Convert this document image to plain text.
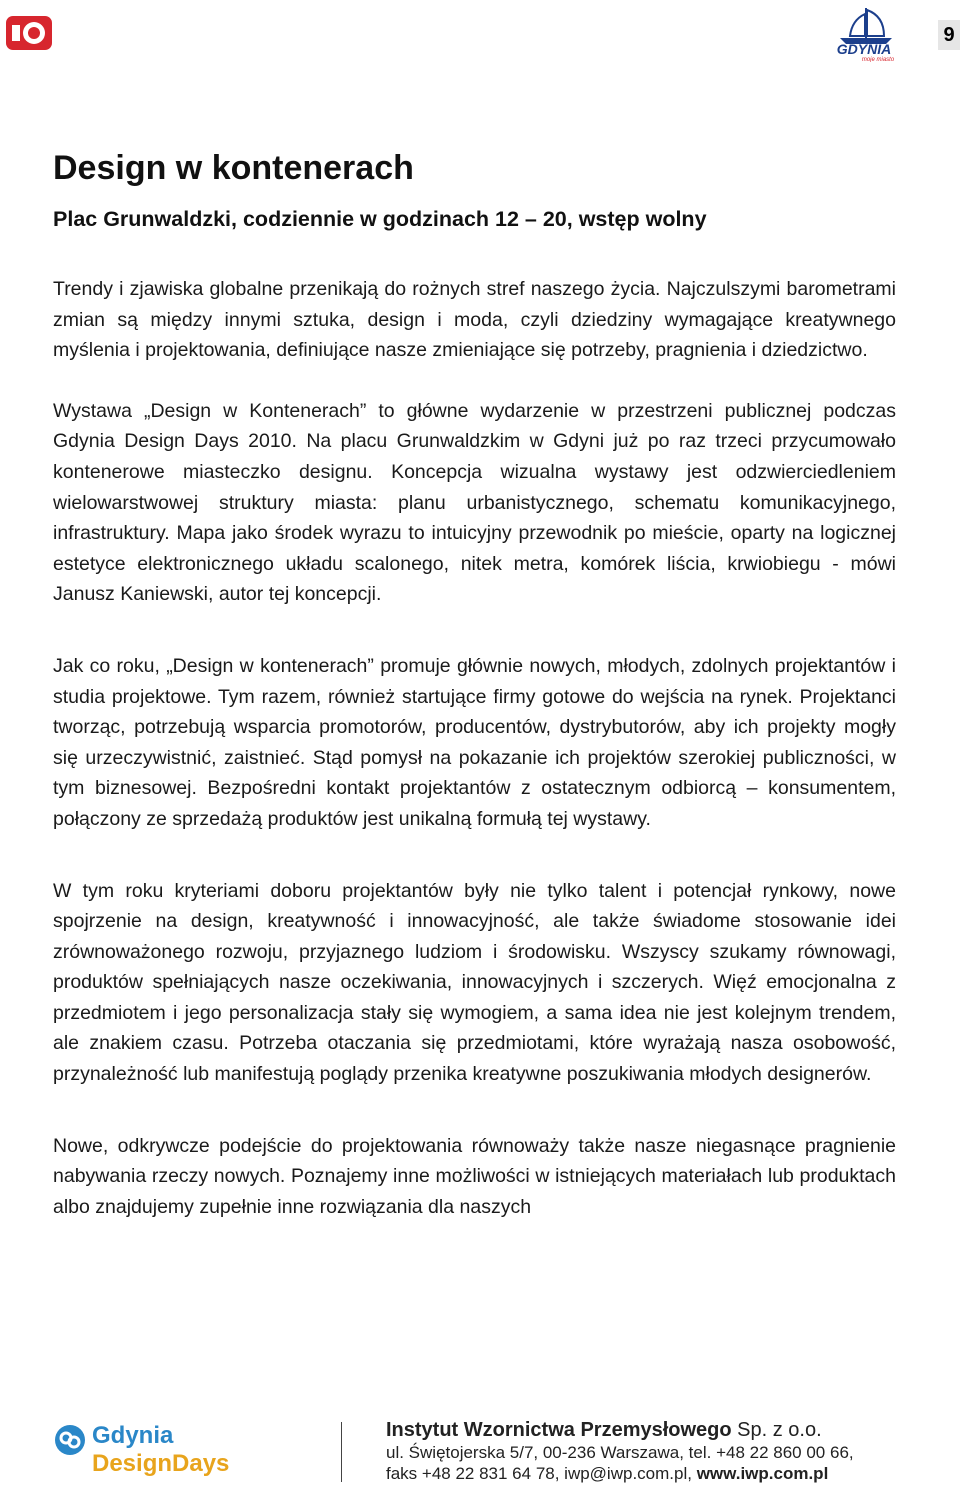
GDYNIA
moje miasto
9
Design w kontenerach

Plac Grunwaldzki, codziennie w godzinach 12 – 20, wstęp wolny

Trendy i zjawiska globalne przenikają do rożnych stref naszego życia. Najczulszymi barometrami zmian są między innymi sztuka, design i moda, czyli dziedziny wymagające kreatywnego myślenia i projektowania, definiujące nasze zmieniające się potrzeby, pragnienia i dziedzictwo.

Wystawa „Design w Kontenerach” to główne wydarzenie w przestrzeni publicznej podczas Gdynia Design Days 2010. Na placu Grunwaldzkim w Gdyni już po raz trzeci przycumowało kontenerowe miasteczko designu. Koncepcja wizualna wystawy jest odzwierciedleniem wielowarstwowej struktury miasta: planu urbanistycznego, schematu komunikacyjnego, infrastruktury. Mapa jako środek wyrazu to intuicyjny przewodnik po mieście, oparty na logicznej estetyce elektronicznego układu scalonego, nitek metra, komórek liścia, krwiobiegu - mówi Janusz Kaniewski, autor tej koncepcji.

Jak co roku, „Design w kontenerach” promuje głównie nowych, młodych, zdolnych projektantów i studia projektowe. Tym razem, również startujące firmy gotowe do wejścia na rynek. Projektanci tworząc, potrzebują wsparcia promotorów, producentów, dystrybutorów, aby ich projekty mogły się urzeczywistnić, zaistnieć. Stąd pomysł na pokazanie ich projektów szerokiej publiczności, w tym biznesowej. Bezpośredni kontakt projektantów z ostatecznym odbiorcą – konsumentem, połączony ze sprzedażą produktów jest unikalną formułą tej wystawy.

W tym roku kryteriami doboru projektantów były nie tylko talent i potencjał rynkowy, nowe spojrzenie na design, kreatywność i innowacyjność, ale także świadome stosowanie idei zrównoważonego rozwoju, przyjaznego ludziom i środowisku. Wszyscy szukamy równowagi, produktów spełniających nasze oczekiwania, innowacyjnych i szczerych. Więź emocjonalna z przedmiotem i jego personalizacja stały się wymogiem, a sama idea nie jest kolejnym trendem, ale znakiem czasu. Potrzeba otaczania się przedmiotami, które wyrażają nasza osobowość, przynależność lub manifestują poglądy przenika kreatywne poszukiwania młodych designerów.

Nowe, odkrywcze podejście do projektowania równoważy także nasze niegasnące pragnienie nabywania rzeczy nowych. Poznajemy inne możliwości w istniejących materiałach lub produktach albo znajdujemy zupełnie inne rozwiązania dla naszych

Gdynia
DesignDays
Instytut Wzornictwa Przemysłowego Sp. z o.o.
ul. Świętojerska 5/7, 00-236 Warszawa, tel. +48 22 860 00 66,
faks +48 22 831 64 78, iwp@iwp.com.pl, www.iwp.com.pl
